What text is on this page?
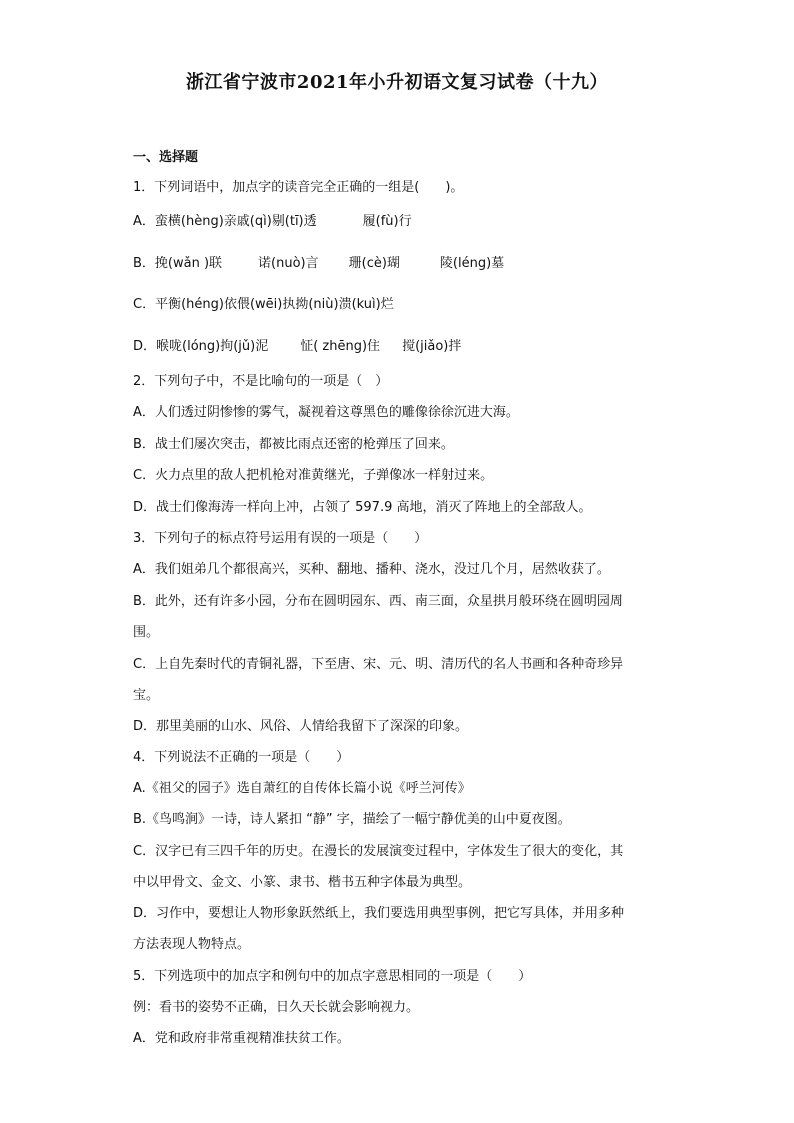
浙江省宁波市2021年小升初语文复习试卷（十九）
一、选择题
1．下列词语中，加点字的读音完全正确的一组是(　　)。
A．蛮横(hèng)亲戚(qì)剔(tī)透	履(fù)行
B．挽(wǎn )联	诺(nuò)言 珊(cè)瑚	陵(léng)墓
C．平衡(héng)依偎(wēi)执拗(niù)溃(kuì)烂
D．喉咙(lóng)拘(jǔ)泥 怔( zhēng)住 搅(jiǎo)拌
2．下列句子中，不是比喻句的一项是（　）
A．人们透过阴惨惨的雾气，凝视着这尊黑色的雕像徐徐沉进大海。
B．战士们屡次突击，都被比雨点还密的枪弹压了回来。
C．火力点里的敌人把机枪对准黄继光，子弹像冰一样射过来。
D．战士们像海涛一样向上冲，占领了 597.9 高地，消灭了阵地上的全部敌人。
3．下列句子的标点符号运用有误的一项是（　　）
A．我们姐弟几个都很高兴，买种、翻地、播种、浇水，没过几个月，居然收获了。
B．此外，还有许多小园，分布在圆明园东、西、南三面，众星拱月般环绕在圆明园周
围。
C．上自先秦时代的青铜礼器，下至唐、宋、元、明、清历代的名人书画和各种奇珍异
宝。
D．那里美丽的山水、风俗、人情给我留下了深深的印象。
4．下列说法不正确的一项是（　　）
A.《祖父的园子》选自萧红的自传体长篇小说《呼兰河传》
B.《鸟鸣涧》一诗，诗人紧扣 “静” 字，描绘了一幅宁静优美的山中夏夜图。
C．汉字已有三四千年的历史。在漫长的发展演变过程中，字体发生了很大的变化，其
中以甲骨文、金文、小篆、隶书、楷书五种字体最为典型。
D．习作中，要想让人物形象跃然纸上，我们要选用典型事例，把它写具体，并用多种
方法表现人物特点。
5．下列选项中的加点字和例句中的加点字意思相同的一项是（　　）
例：看书的姿势不正确，日久天长就会影响视力。
A．党和政府非常重视精准扶贫工作。
